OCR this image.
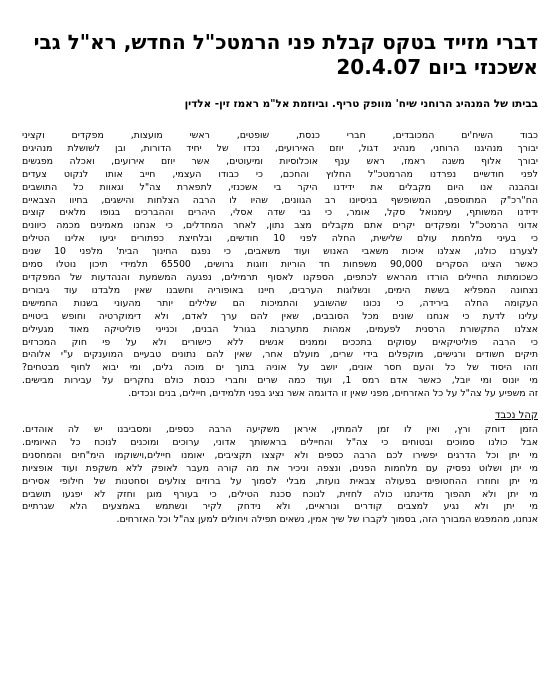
דברי מזייד בטקס קבלת פני הרמטכ"ל החדש, רא"ל גבי
אשכנזי ביום 20.4.07
בביתו של המנהיג הרוחני שיח' מוופק טריף. וביוזמת אל"מ ראמז זין- אלדין
כבוד השיח'ים המכובדים, חברי כנסת, שופטים, ראשי מועצות, מפקדים וקציני
יבורך מנהיגנו הרוחני, מנהיג דגול, יוזם האירועים, נכדו של יחיד הדורות, ובן לשושלת מנהיגים
יבורך אלוף משנה ראמז, ראש ענף אוכלוסיות ומיעוטים, אשר יוזם אירועים, ואכלה מפגשים
לפני חודשיים נפרדנו מהרמטכ"ל החלוץ והחכם, כי כבודו העצמי, חייב אותו לנקוט צעדים
ובהבנה אנו היום מקבלים את ידידנו היקר בי אשכנזי, לתפארת צה"ל וגאוות כל התושבים
הח"רכ"ק המתוספם, המשופשף בניסיונו רב הגוונים, שהיו לו הרבה הצלחות והישגים, בחיוו הצבאיים
ידידנו המשותף, עימנואל סקל, אומר, כי גבי שדה אסלי, היהרים וההברכים בגופו מלאים קוצים
אדוני הרמטכ"ל ומפקדים יקרים אתם מקבלים מצב נתון, לאחר המחדלים, כי אנחנו מאמינים מכמה כיוונים
כי בעיני מלחמת עולם שלישית, החלה לפני 10 חודשים, ובלחיצת כפתורים יגיעו אלינו הטילים
לצערנו כולנו, אצלנו איכות משאבי האנוש ועוד משאבים, כי נפגם החינוך הבית' מלפני 10 שנים
כאשר הציגו הסקרים 90,000 משפחות חד הוריות וזוגות גרושים, 65500 תלמידי תיכון נוטלו סמים
כשכומתות החיילים הורדו מהראש לכתפים, הספקנו לאסוף תרמילים, נפגעה המשמעת והנהדעות של המפקדים
נצחונה המפליא בששת הימים, ונשלוגות הערבים, חיינו באופוריה וחשבנו שאין מלבדנו עוד גיבורים
העקומה החלה בירידה, כי נכונו שהשובע והתמיכות הם שלילים יותר מהעוני בשנות החמישים
עלינו לדעת כי אנחנו שונים מכל הסובבים, שאין להם ערך לאדם, ולא דימוקרטיה וחופש ביטויים
אצלנו התקשורת הרסנית לפעמים, אמהות מתערבות בגורל הבנים, וכנייני פוליטיקה מאוד מגעילים
כי הרבה פוליטיקאים עסוקים בתככים וממנים אנשים ללא כישורים ולא על פי חוק המכרזים
תיקים חשודים ורגישים, מוקפלים בידי שרים, מועלם אחר, שאין להם נתונים טבעיים המוענקים ע"י אלוהים
וזהו היסוד של כל והעם חסר אונים, יושב על אוניה בתוך ים מוכה גלים, ומי יבוא לחוף מבטחים?
מי יונוס ומי יובל, כאשר אדם רמס 1, ועוד כמה שרים וחברי כנסת כולם נחקרים על עבירות מבישים.
זה משפיע על צה"ל על כל האזרחים, מפני שאין זו הדוגמה אשר נציג בפני תלמידים, חיילים, בנים ונכדים.
קהל נכבד
הזמן דוחק ורץ, ואין לו זמן להמתין, איראן משקיעה הרבה כספים, ומסביבנו יש לה אוהדים.
אבל כולנו סמוכים ובטוחים כי צה"ל והחיילים בראשותך אדוני, ערוכים ומוכנים לנוכח כל האיומים.
מי יתן וכל הדרגים יפשירו לכם הרבה כספים ולא יקצצו תקציבים, יאומנו חיילים,וישוקמו הימ"חים והמחסנים
מי יתן ושלוט נפסיק עם מלחמות הפנים, ונצפה וניכיר את מה קורה מעבר לאופק ללא משקפת ועוד אופציות
מי יתן וחוזרו ההחטופים בפעולה צבאית נועזת, מבלי לסמוך על ברוזים צולעים וסחטנות של חילופי אסירים
מי יתן ולא תהפוך מדינתנו כולה לחזית, לנוכח סכנת הטילים, כי בעורף מוגן וחזק לא יפגעו תושבים
מי יתן ולא נגיע למצבים קודרים ונוראיים, ולא נידחק לקיר ונשתמש באמצעים הלא שגרתיים
אנחנו, מהמפגש המבורך הזה, בסמוך לקברו של שיך אמין, נשאים תפילה ויחולים למען צה"ל וכל האזרחים.
